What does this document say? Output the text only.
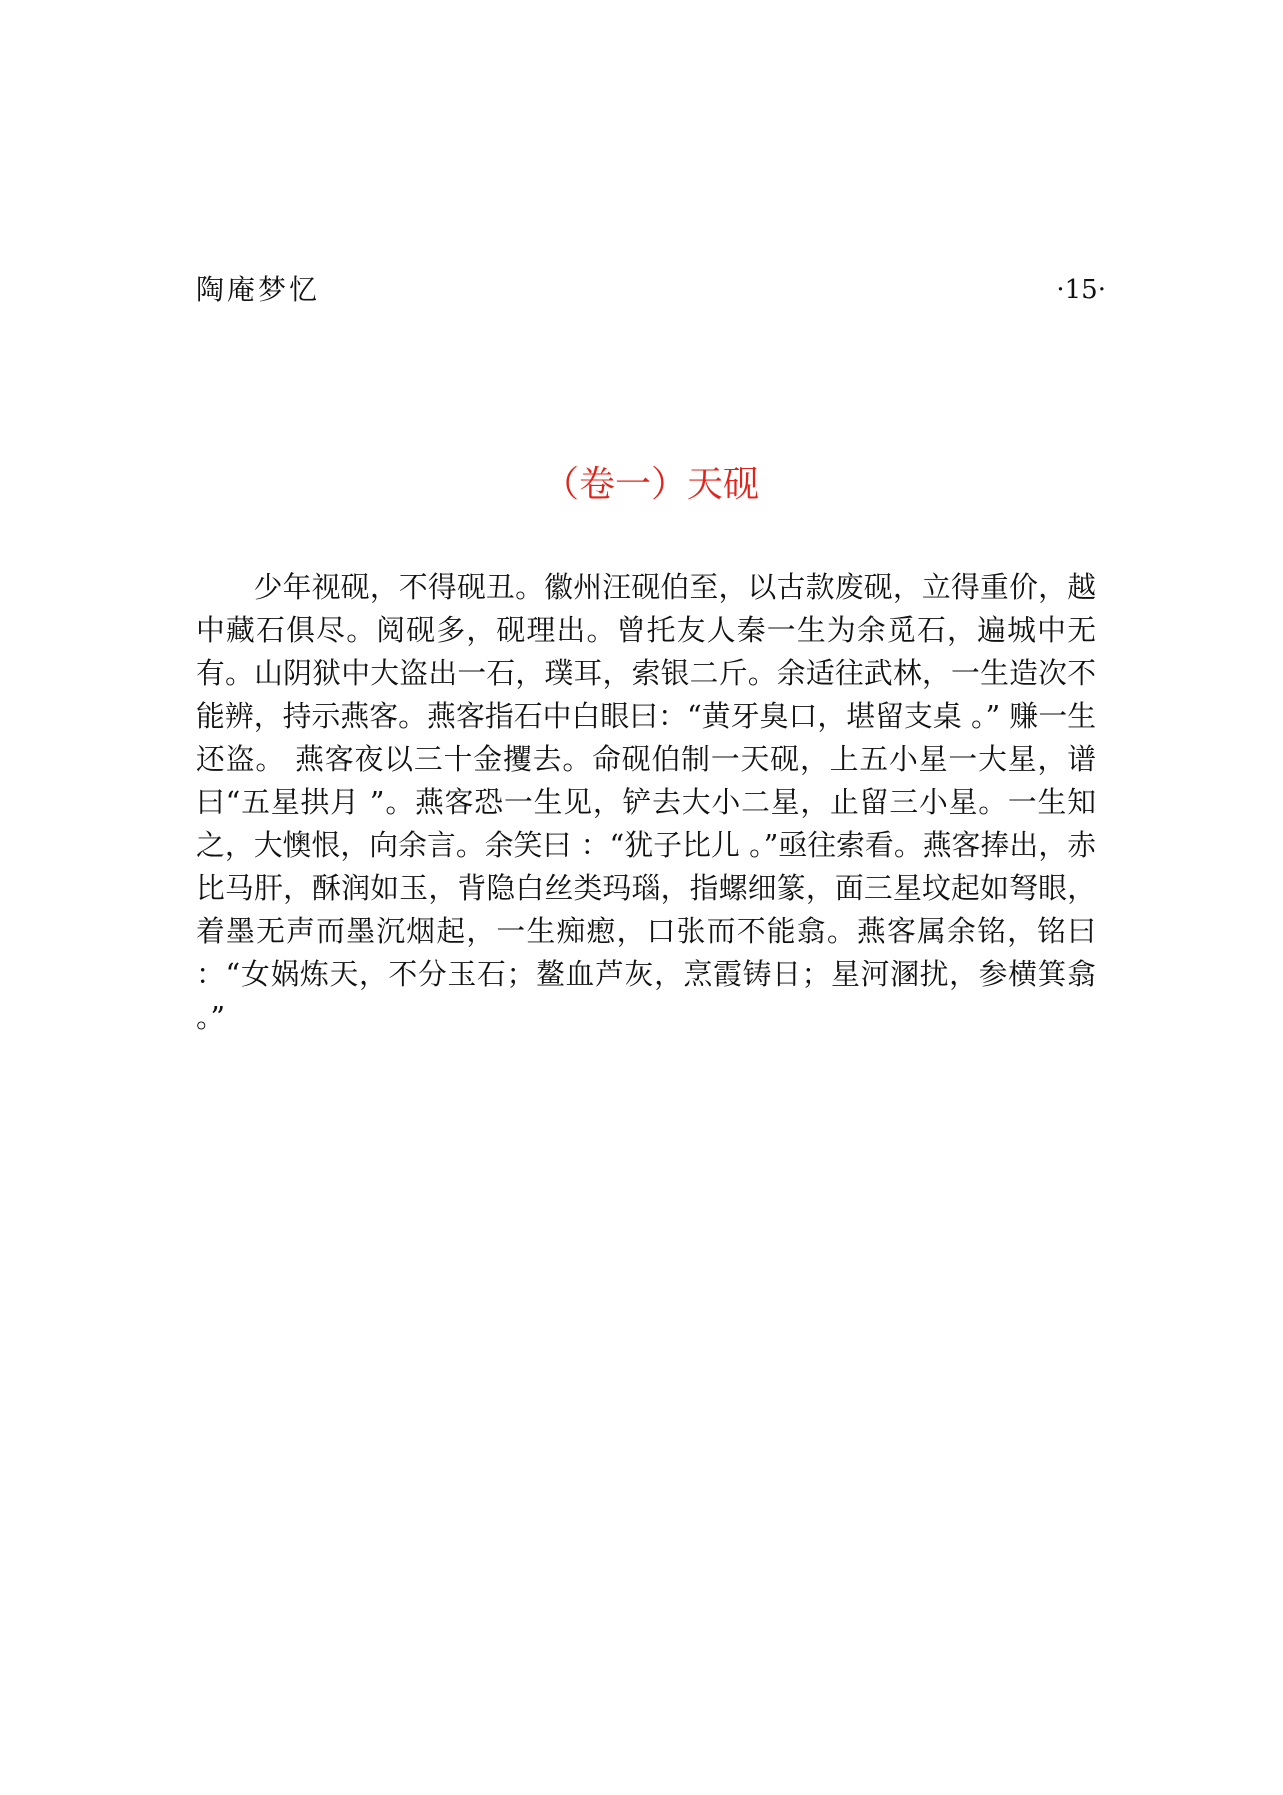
陶庵梦忆	·15·
（卷一）天砚

少年视砚，不得砚丑。徽州汪砚伯至，以古款废砚，立得重价，越中藏石俱尽。阅砚多，砚理出。曾托友人秦一生为余觅石，遍城中无有。山阴狱中大盗出一石，璞耳，索银二斤。余适往武林，一生造次不能辨，持示燕客。燕客指石中白眼曰：“黄牙臭口，堪留支桌 。” 赚一生还盗。 燕客夜以三十金攫去。命砚伯制一天砚，上五小星一大星，谱曰“五星拱月 ”。燕客恐一生见，铲去大小二星，止留三小星。一生知之，大懊恨，向余言。余笑曰 ：“犹子比儿 。”亟往索看。燕客捧出，赤比马肝，酥润如玉，背隐白丝类玛瑙，指螺细篆，面三星坟起如弩眼，着墨无声而墨沉烟起，一生痴瘛，口张而不能翕。燕客属余铭，铭曰 ：“女娲炼天，不分玉石；鳌血芦灰，烹霞铸日；星河溷扰，参横箕翕 。”
